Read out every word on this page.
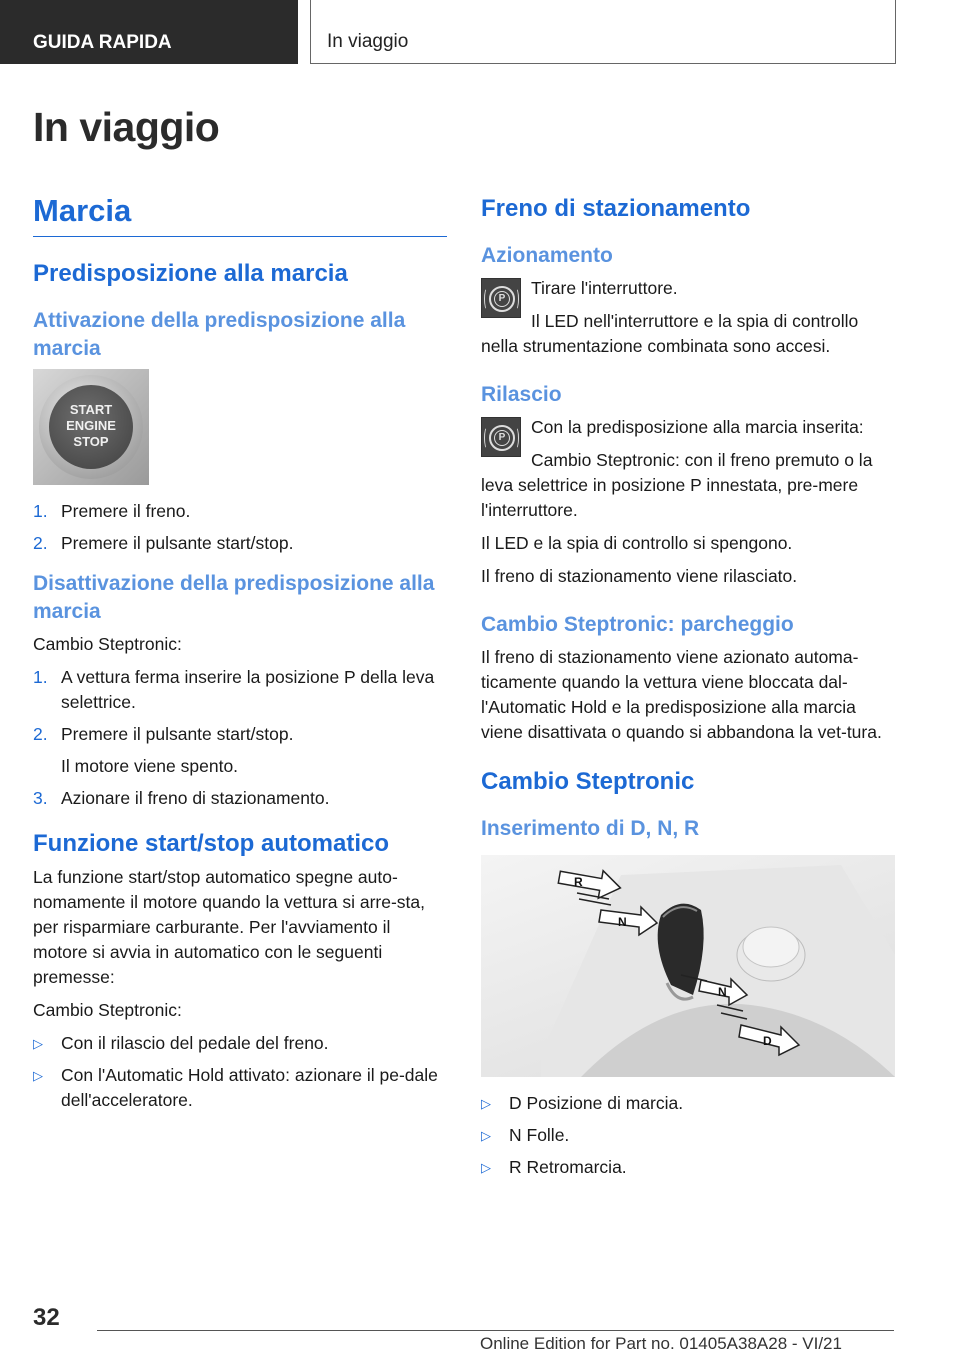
GUIDA RAPIDA	In viaggio
In viaggio
Marcia
Predisposizione alla marcia
Attivazione della predisposizione alla marcia
START ENGINE STOP
1. Premere il freno.
2. Premere il pulsante start/stop.
Disattivazione della predisposizione alla marcia
Cambio Steptronic:
1. A vettura ferma inserire la posizione P della leva selettrice.
2. Premere il pulsante start/stop.
Il motore viene spento.
3. Azionare il freno di stazionamento.
Funzione start/stop automatico
La funzione start/stop automatico spegne auto-nomamente il motore quando la vettura si arre-sta, per risparmiare carburante. Per l'avviamento il motore si avvia in automatico con le seguenti premesse:
Cambio Steptronic:
▷ Con il rilascio del pedale del freno.
▷ Con l'Automatic Hold attivato: azionare il pe-dale dell'acceleratore.
Freno di stazionamento
Azionamento
P
Tirare l'interruttore.
Il LED nell'interruttore e la spia di controllo nella strumentazione combinata sono accesi.
Rilascio
P
Con la predisposizione alla marcia inserita:
Cambio Steptronic: con il freno premuto o la leva selettrice in posizione P innestata, pre-mere l'interruttore.
Il LED e la spia di controllo si spengono.
Il freno di stazionamento viene rilasciato.
Cambio Steptronic: parcheggio
Il freno di stazionamento viene azionato automa-ticamente quando la vettura viene bloccata dal-l'Automatic Hold e la predisposizione alla marcia viene disattivata o quando si abbandona la vet-tura.
Cambio Steptronic
Inserimento di D, N, R
R
N
N
D
▷ D Posizione di marcia.
▷ N Folle.
▷ R Retromarcia.
32
Online Edition for Part no. 01405A38A28 - VI/21
